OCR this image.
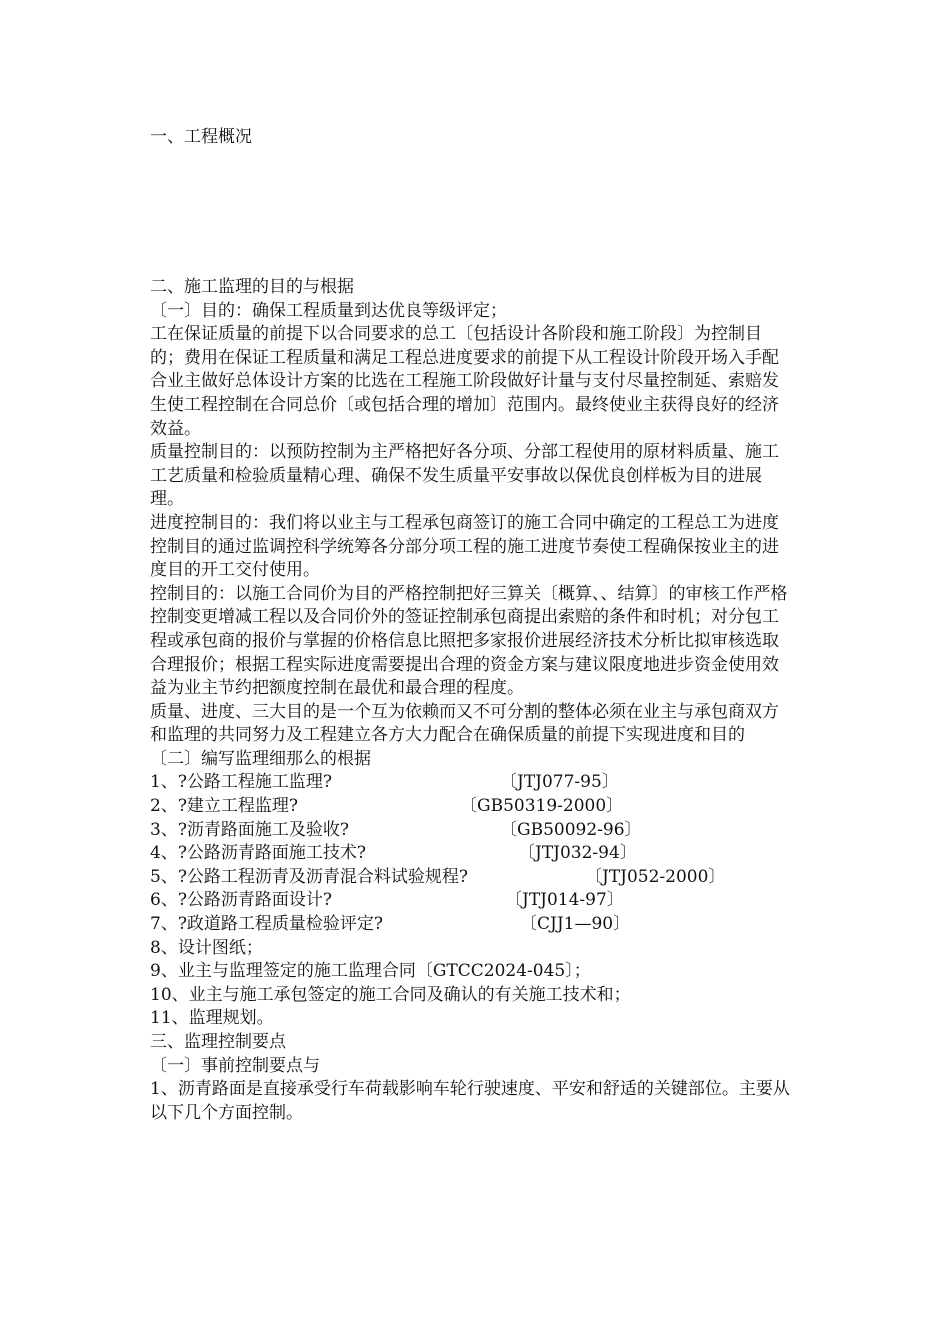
一、工程概况

二、施工监理的目的与根据

〔一〕目的：确保工程质量到达优良等级评定；

工在保证质量的前提下以合同要求的总工〔包括设计各阶段和施工阶段〕为控制目的；费用在保证工程质量和满足工程总进度要求的前提下从工程设计阶段开场入手配合业主做好总体设计方案的比选在工程施工阶段做好计量与支付尽量控制延、索赔发生使工程控制在合同总价〔或包括合理的增加〕范围内。最终使业主获得良好的经济效益。

质量控制目的：以预防控制为主严格把好各分项、分部工程使用的原材料质量、施工工艺质量和检验质量精心理、确保不发生质量平安事故以保优良创样板为目的进展理。

进度控制目的：我们将以业主与工程承包商签订的施工合同中确定的工程总工为进度控制目的通过监调控科学统筹各分部分项工程的施工进度节奏使工程确保按业主的进度目的开工交付使用。

控制目的：以施工合同价为目的严格控制把好三算关〔概算、、结算〕的审核工作严格控制变更增减工程以及合同价外的签证控制承包商提出索赔的条件和时机；对分包工程或承包商的报价与掌握的价格信息比照把多家报价进展经济技术分析比拟审核选取合理报价；根据工程实际进度需要提出合理的资金方案与建议限度地进步资金使用效益为业主节约把额度控制在最优和最合理的程度。

质量、进度、三大目的是一个互为依赖而又不可分割的整体必须在业主与承包商双方和监理的共同努力及工程建立各方大力配合在确保质量的前提下实现进度和目的

〔二〕编写监理细那么的根据

1、?公路工程施工监理?	〔JTJ077-95〕

2、?建立工程监理?	〔GB50319-2000〕

3、?沥青路面施工及验收?	〔GB50092-96〕

4、?公路沥青路面施工技术?	〔JTJ032-94〕

5、?公路工程沥青及沥青混合料试验规程?	〔JTJ052-2000〕

6、?公路沥青路面设计?	〔JTJ014-97〕

7、?政道路工程质量检验评定?	〔CJJ1—90〕

8、设计图纸；

9、业主与监理签定的施工监理合同〔GTCC2024-045〕；

10、业主与施工承包签定的施工合同及确认的有关施工技术和；

11、监理规划。

三、监理控制要点

〔一〕事前控制要点与

1、沥青路面是直接承受行车荷载影响车轮行驶速度、平安和舒适的关键部位。主要从以下几个方面控制。
